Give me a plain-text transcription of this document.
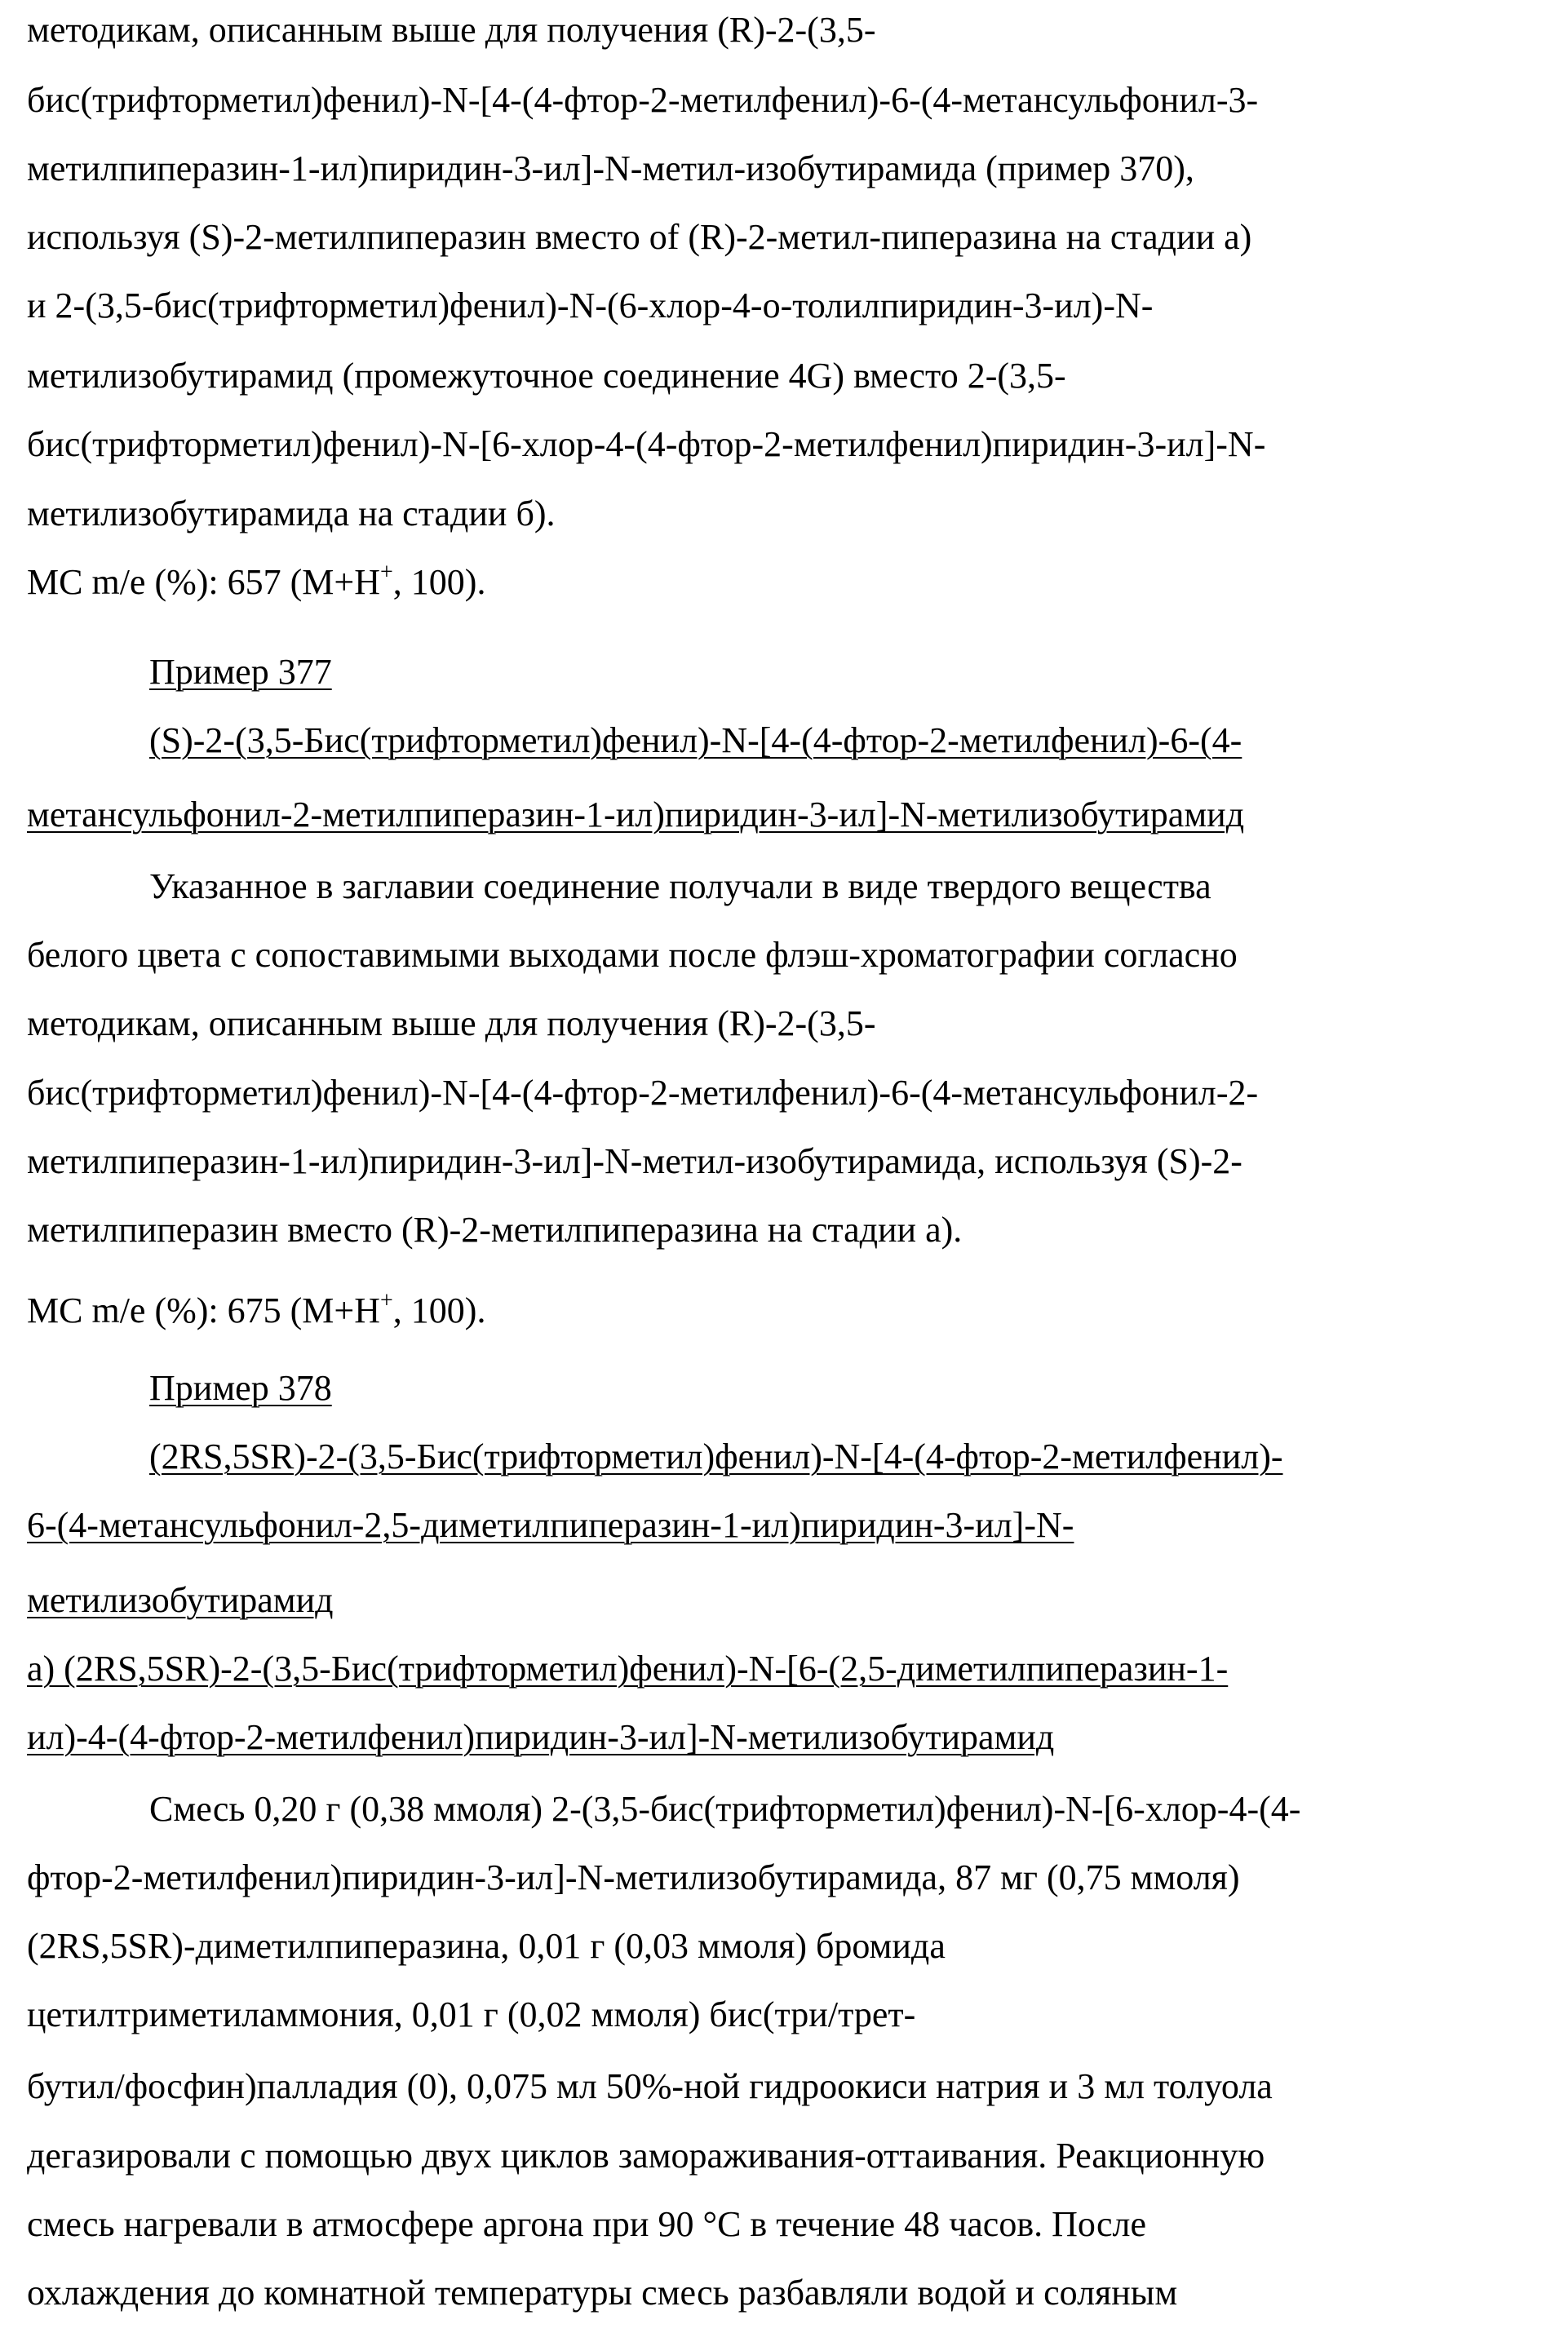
методикам, описанным выше для получения (R)-2-(3,5-
бис(трифторметил)фенил)-N-[4-(4-фтор-2-метилфенил)-6-(4-метансульфонил-3-
метилпиперазин-1-ил)пиридин-3-ил]-N-метил-изобутирамида (пример 370),
используя (S)-2-метилпиперазин вместо of (R)-2-метил-пиперазина на стадии а)
и 2-(3,5-бис(трифторметил)фенил)-N-(6-хлор-4-о-толилпиридин-3-ил)-N-
метилизобутирамид (промежуточное соединение 4G) вместо 2-(3,5-
бис(трифторметил)фенил)-N-[6-хлор-4-(4-фтор-2-метилфенил)пиридин-3-ил]-N-
метилизобутирамида на стадии б).
МС m/e (%): 657 (M+H+, 100).
Пример 377
(S)-2-(3,5-Бис(трифторметил)фенил)-N-[4-(4-фтор-2-метилфенил)-6-(4-
метансульфонил-2-метилпиперазин-1-ил)пиридин-3-ил]-N-метилизобутирамид
Указанное в заглавии соединение получали в виде твердого вещества
белого цвета с сопоставимыми выходами после флэш-хроматографии согласно
методикам, описанным выше для получения (R)-2-(3,5-
бис(трифторметил)фенил)-N-[4-(4-фтор-2-метилфенил)-6-(4-метансульфонил-2-
метилпиперазин-1-ил)пиридин-3-ил]-N-метил-изобутирамида, используя (S)-2-
метилпиперазин вместо (R)-2-метилпиперазина на стадии а).
МС m/e (%): 675 (M+H+, 100).
Пример 378
(2RS,5SR)-2-(3,5-Бис(трифторметил)фенил)-N-[4-(4-фтор-2-метилфенил)-
6-(4-метансульфонил-2,5-диметилпиперазин-1-ил)пиридин-3-ил]-N-
метилизобутирамид
а) (2RS,5SR)-2-(3,5-Бис(трифторметил)фенил)-N-[6-(2,5-диметилпиперазин-1-
ил)-4-(4-фтор-2-метилфенил)пиридин-3-ил]-N-метилизобутирамид
Смесь 0,20 г (0,38 ммоля) 2-(3,5-бис(трифторметил)фенил)-N-[6-хлор-4-(4-
фтор-2-метилфенил)пиридин-3-ил]-N-метилизобутирамида, 87 мг (0,75 ммоля)
(2RS,5SR)-диметилпиперазина, 0,01 г (0,03 ммоля) бромида
цетилтриметиламмония, 0,01 г (0,02 ммоля) бис(три/трет-
бутил/фосфин)палладия (0), 0,075 мл 50%-ной гидроокиси натрия и 3 мл толуола
дегазировали с помощью двух циклов замораживания-оттаивания. Реакционную
смесь нагревали в атмосфере аргона при 90 °С в течение 48 часов. После
охлаждения до комнатной температуры смесь разбавляли водой и соляным
